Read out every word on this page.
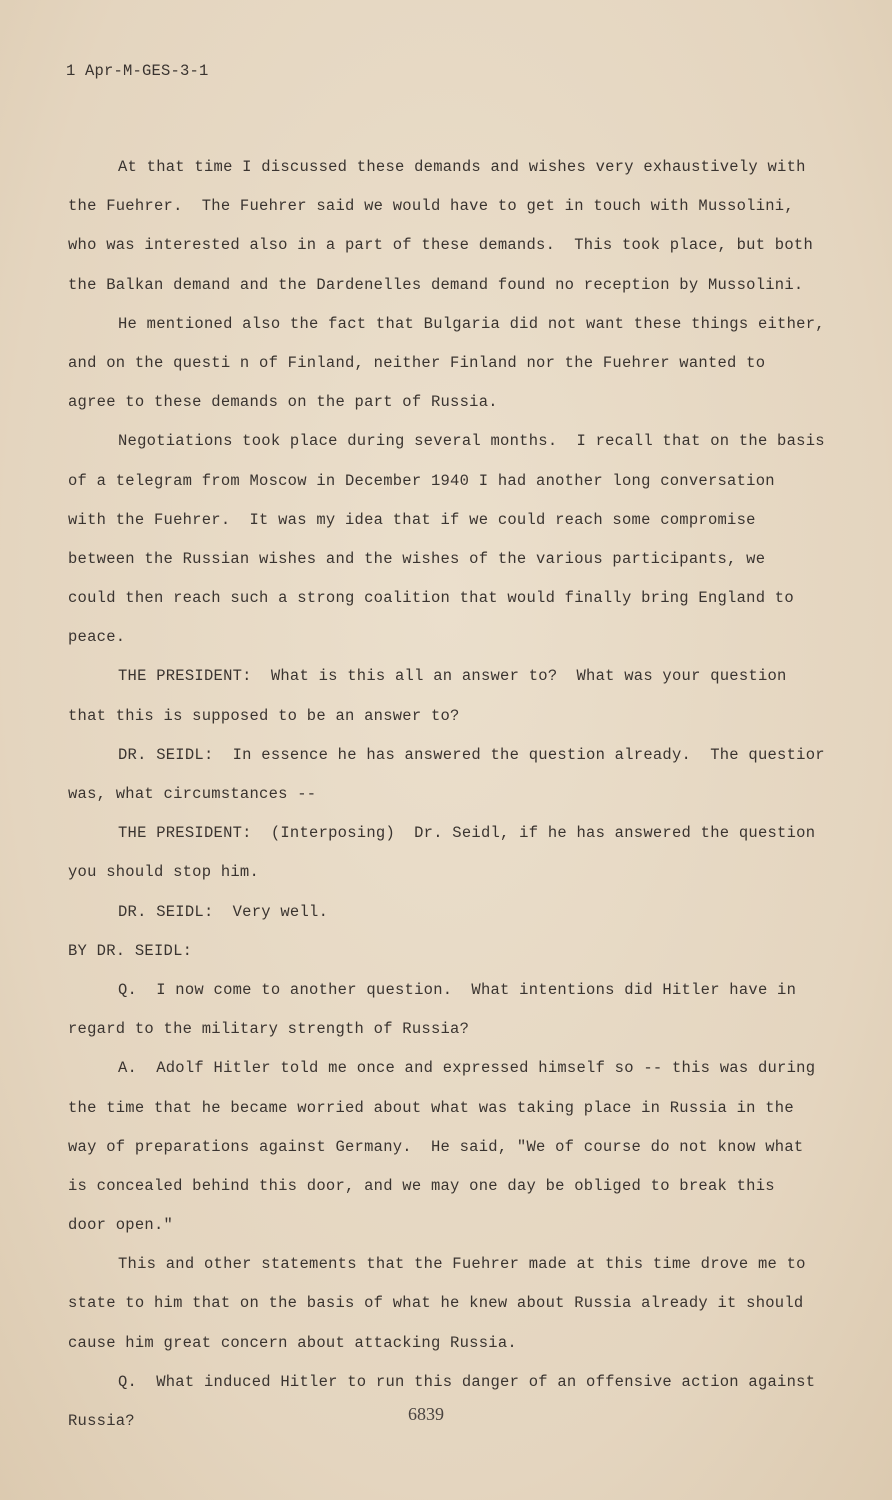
1 Apr-M-GES-3-1
At that time I discussed these demands and wishes very exhaustively with
the Fuehrer.  The Fuehrer said we would have to get in touch with Mussolini,
who was interested also in a part of these demands.  This took place, but both
the Balkan demand and the Dardenelles demand found no reception by Mussolini.
He mentioned also the fact that Bulgaria did not want these things either,
and on the questi n of Finland, neither Finland nor the Fuehrer wanted to
agree to these demands on the part of Russia.
Negotiations took place during several months.  I recall that on the basis
of a telegram from Moscow in December 1940 I had another long conversation
with the Fuehrer.  It was my idea that if we could reach some compromise
between the Russian wishes and the wishes of the various participants, we
could then reach such a strong coalition that would finally bring England to
peace.
THE PRESIDENT:  What is this all an answer to?  What was your question
that this is supposed to be an answer to?
DR. SEIDL:  In essence he has answered the question already.  The questior
was, what circumstances --
THE PRESIDENT:  (Interposing)  Dr. Seidl, if he has answered the question
you should stop him.
DR. SEIDL:  Very well.
BY DR. SEIDL:
Q.  I now come to another question.  What intentions did Hitler have in
regard to the military strength of Russia?
A.  Adolf Hitler told me once and expressed himself so -- this was during
the time that he became worried about what was taking place in Russia in the
way of preparations against Germany.  He said, "We of course do not know what
is concealed behind this door, and we may one day be obliged to break this
door open."
This and other statements that the Fuehrer made at this time drove me to
state to him that on the basis of what he knew about Russia already it should
cause him great concern about attacking Russia.
Q.  What induced Hitler to run this danger of an offensive action against
Russia?	6839
